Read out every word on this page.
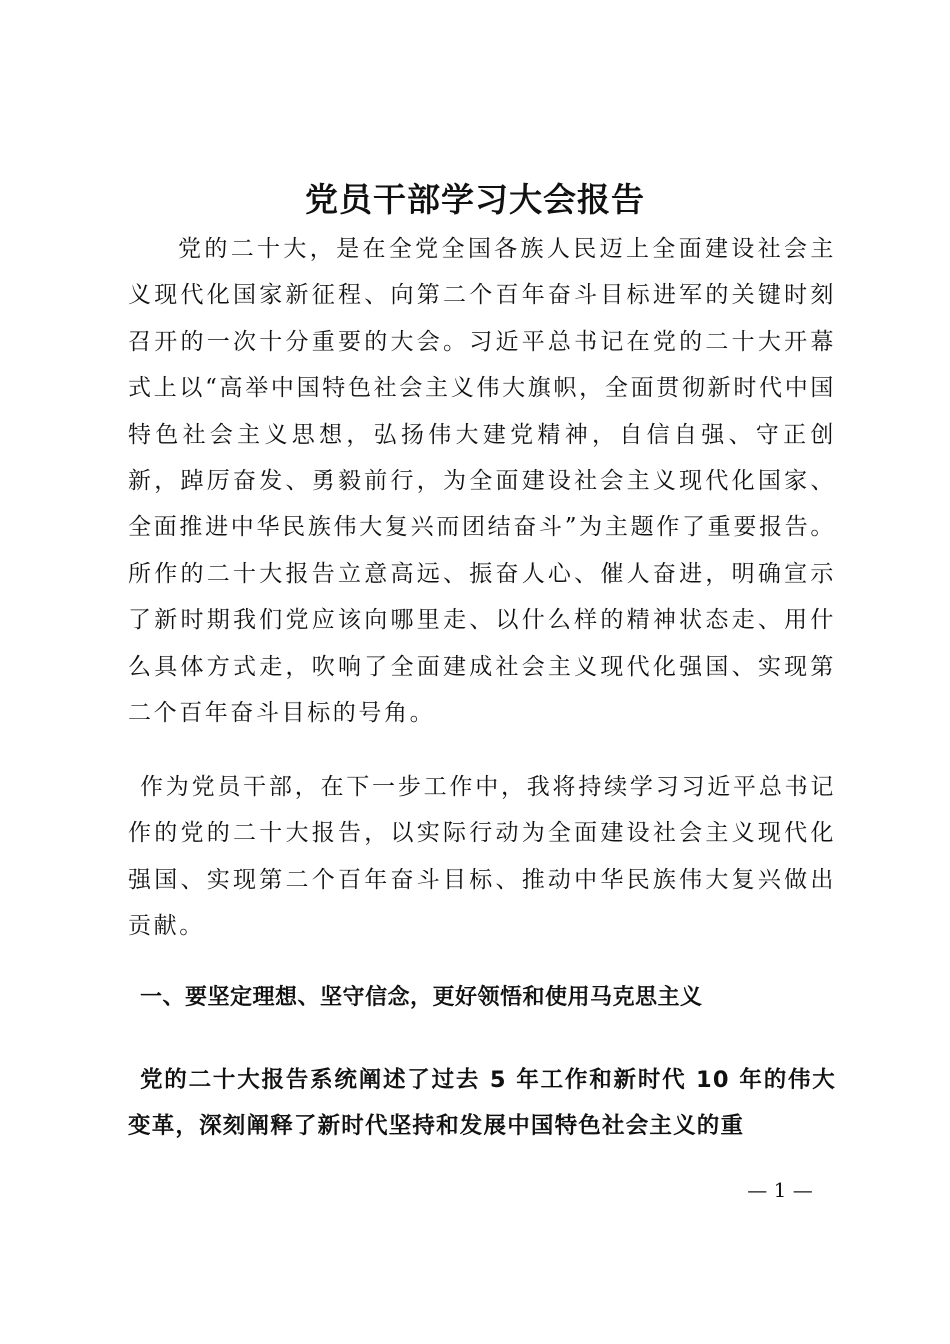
党员干部学习大会报告
党的二十大，是在全党全国各族人民迈上全面建设社会主义现代化国家新征程、向第二个百年奋斗目标进军的关键时刻召开的一次十分重要的大会。习近平总书记在党的二十大开幕式上以“高举中国特色社会主义伟大旗帜，全面贯彻新时代中国特色社会主义思想，弘扬伟大建党精神，自信自强、守正创新，踔厉奋发、勇毅前行，为全面建设社会主义现代化国家、全面推进中华民族伟大复兴而团结奋斗”为主题作了重要报告。所作的二十大报告立意高远、振奋人心、催人奋进，明确宣示了新时期我们党应该向哪里走、以什么样的精神状态走、用什么具体方式走，吹响了全面建成社会主义现代化强国、实现第二个百年奋斗目标的号角。
作为党员干部，在下一步工作中，我将持续学习习近平总书记作的党的二十大报告，以实际行动为全面建设社会主义现代化强国、实现第二个百年奋斗目标、推动中华民族伟大复兴做出贡献。
一、要坚定理想、坚守信念，更好领悟和使用马克思主义
党的二十大报告系统阐述了过去 5 年工作和新时代 10 年的伟大变革，深刻阐释了新时代坚持和发展中国特色社会主义的重
— 1 —
